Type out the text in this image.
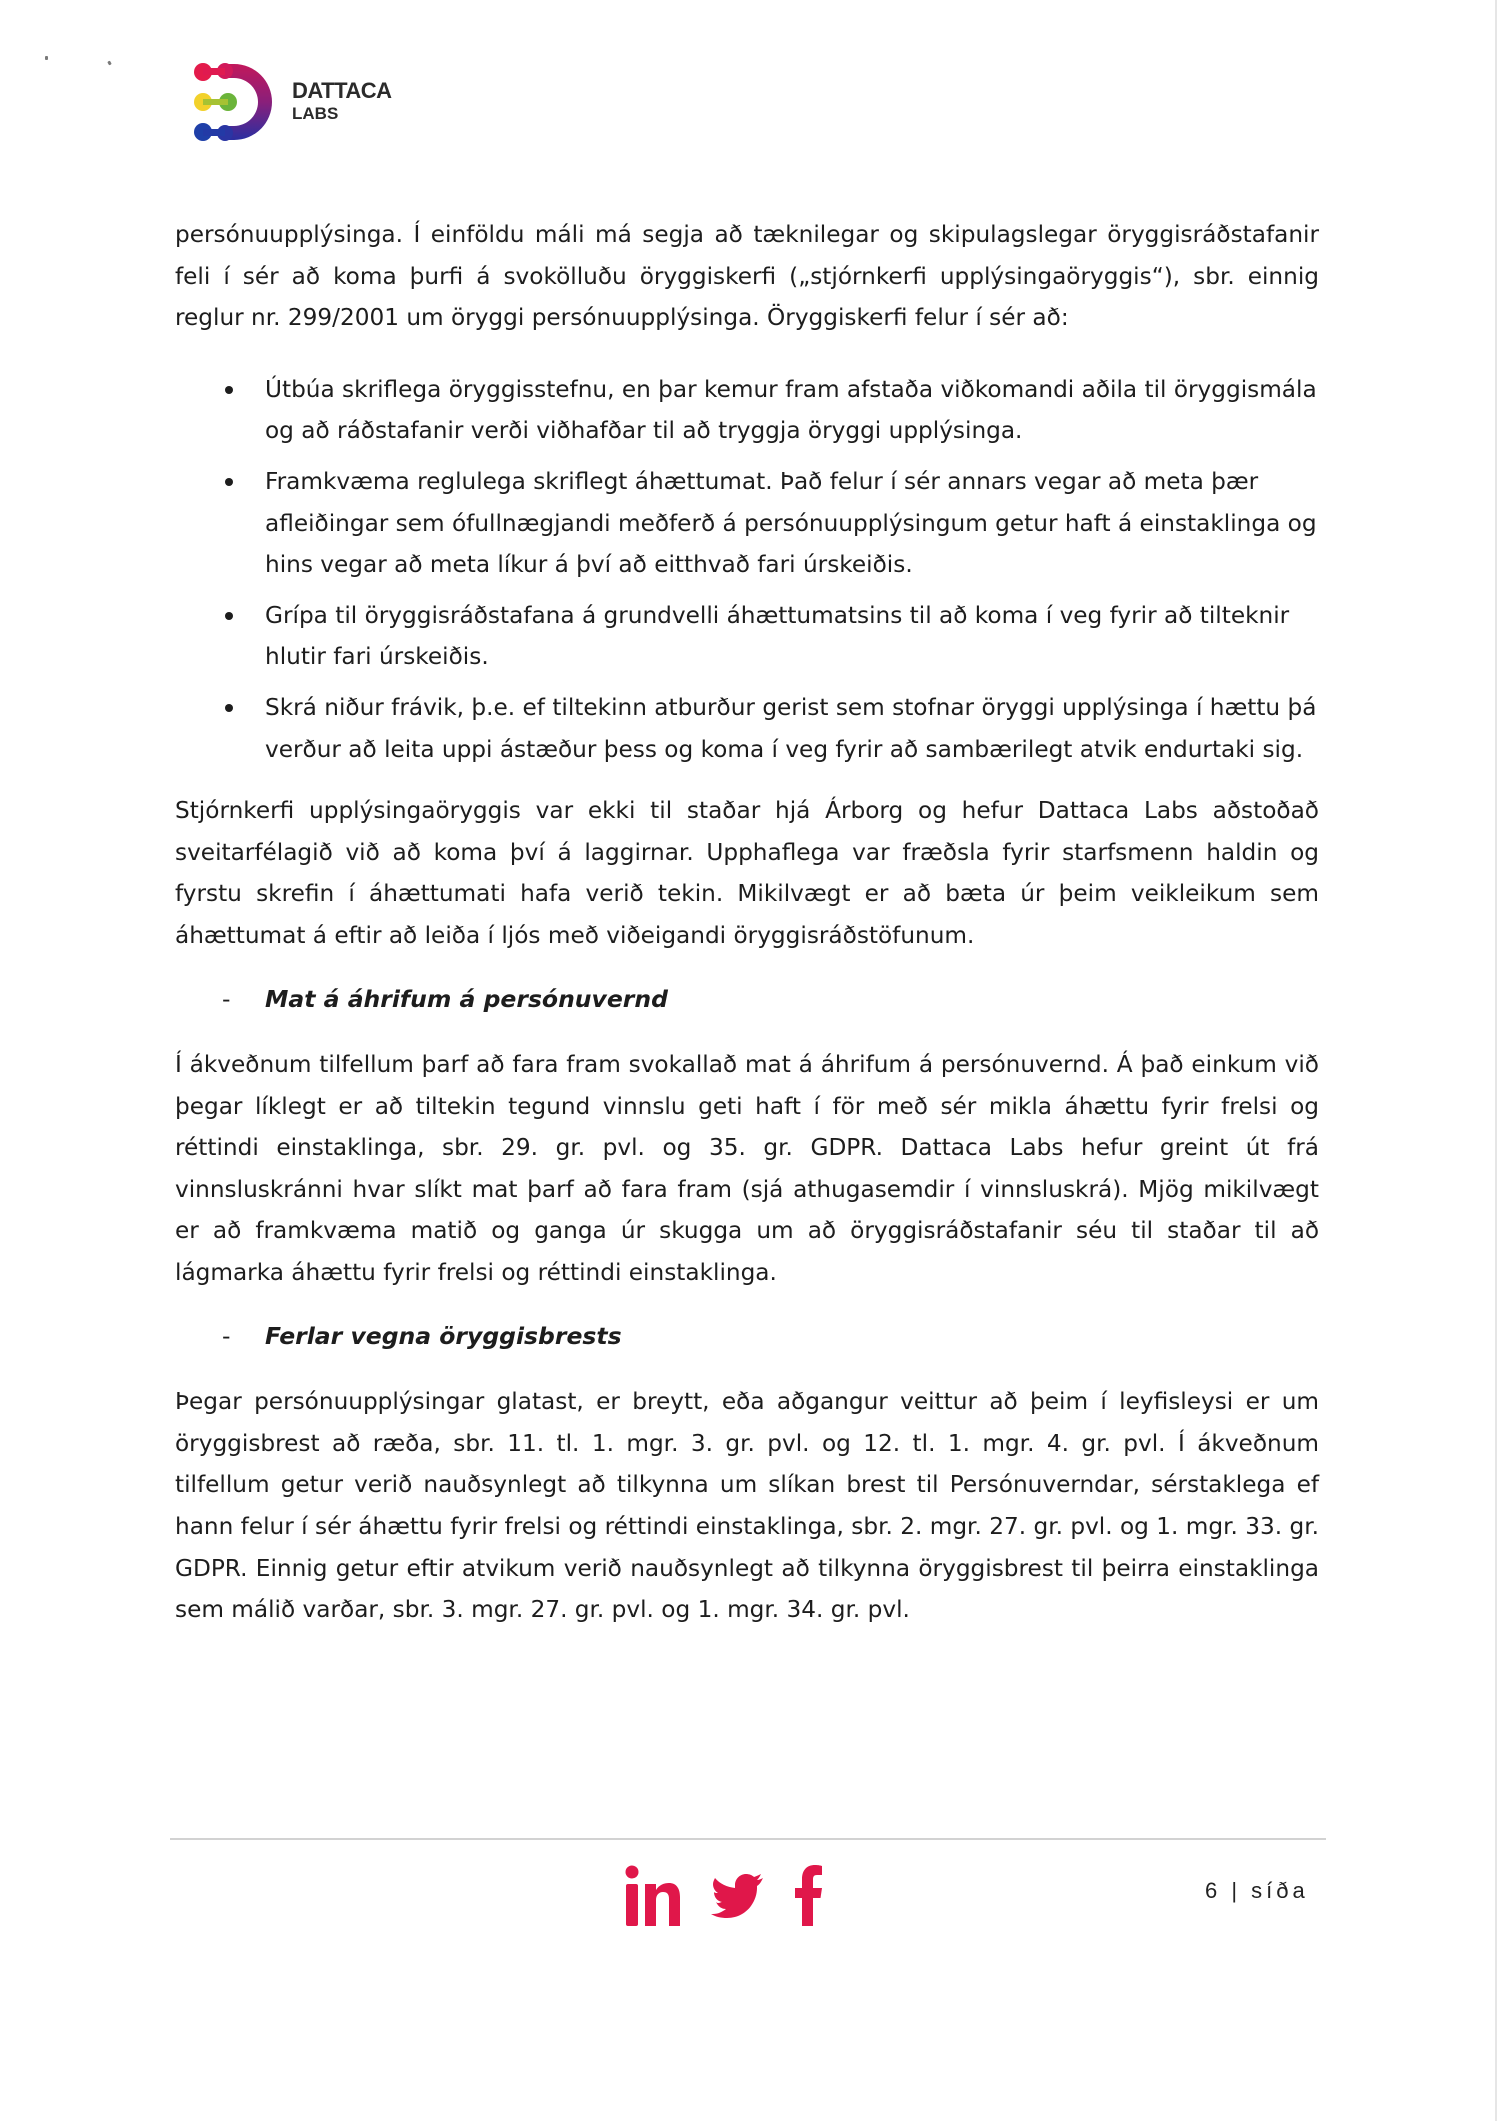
DATTACA
LABS

persónuupplýsinga. Í einföldu máli má segja að tæknilegar og skipulagslegar öryggisráðstafanir feli í sér að koma þurfi á svokölluðu öryggiskerfi („stjórnkerfi upplýsingaöryggis“), sbr. einnig reglur nr. 299/2001 um öryggi persónuupplýsinga. Öryggiskerfi felur í sér að:

Útbúa skriflega öryggisstefnu, en þar kemur fram afstaða viðkomandi aðila til öryggismála og að ráðstafanir verði viðhafðar til að tryggja öryggi upplýsinga.
Framkvæma reglulega skriflegt áhættumat. Það felur í sér annars vegar að meta þær afleiðingar sem ófullnægjandi meðferð á persónuupplýsingum getur haft á einstaklinga og hins vegar að meta líkur á því að eitthvað fari úrskeiðis.
Grípa til öryggisráðstafana á grundvelli áhættumatsins til að koma í veg fyrir að tilteknir hlutir fari úrskeiðis.
Skrá niður frávik, þ.e. ef tiltekinn atburður gerist sem stofnar öryggi upplýsinga í hættu þá verður að leita uppi ástæður þess og koma í veg fyrir að sambærilegt atvik endurtaki sig.

Stjórnkerfi upplýsingaöryggis var ekki til staðar hjá Árborg og hefur Dattaca Labs aðstoðað sveitarfélagið við að koma því á laggirnar. Upphaflega var fræðsla fyrir starfsmenn haldin og fyrstu skrefin í áhættumati hafa verið tekin. Mikilvægt er að bæta úr þeim veikleikum sem áhættumat á eftir að leiða í ljós með viðeigandi öryggisráðstöfunum.

- Mat á áhrifum á persónuvernd

Í ákveðnum tilfellum þarf að fara fram svokallað mat á áhrifum á persónuvernd. Á það einkum við þegar líklegt er að tiltekin tegund vinnslu geti haft í för með sér mikla áhættu fyrir frelsi og réttindi einstaklinga, sbr. 29. gr. pvl. og 35. gr. GDPR. Dattaca Labs hefur greint út frá vinnsluskránni hvar slíkt mat þarf að fara fram (sjá athugasemdir í vinnsluskrá). Mjög mikilvægt er að framkvæma matið og ganga úr skugga um að öryggisráðstafanir séu til staðar til að lágmarka áhættu fyrir frelsi og réttindi einstaklinga.

- Ferlar vegna öryggisbrests

Þegar persónuupplýsingar glatast, er breytt, eða aðgangur veittur að þeim í leyfisleysi er um öryggisbrest að ræða, sbr. 11. tl. 1. mgr. 3. gr. pvl. og 12. tl. 1. mgr. 4. gr. pvl. Í ákveðnum tilfellum getur verið nauðsynlegt að tilkynna um slíkan brest til Persónuverndar, sérstaklega ef hann felur í sér áhættu fyrir frelsi og réttindi einstaklinga, sbr. 2. mgr. 27. gr. pvl. og 1. mgr. 33. gr. GDPR. Einnig getur eftir atvikum verið nauðsynlegt að tilkynna öryggisbrest til þeirra einstaklinga sem málið varðar, sbr. 3. mgr. 27. gr. pvl. og 1. mgr. 34. gr. pvl.

6 | síða
